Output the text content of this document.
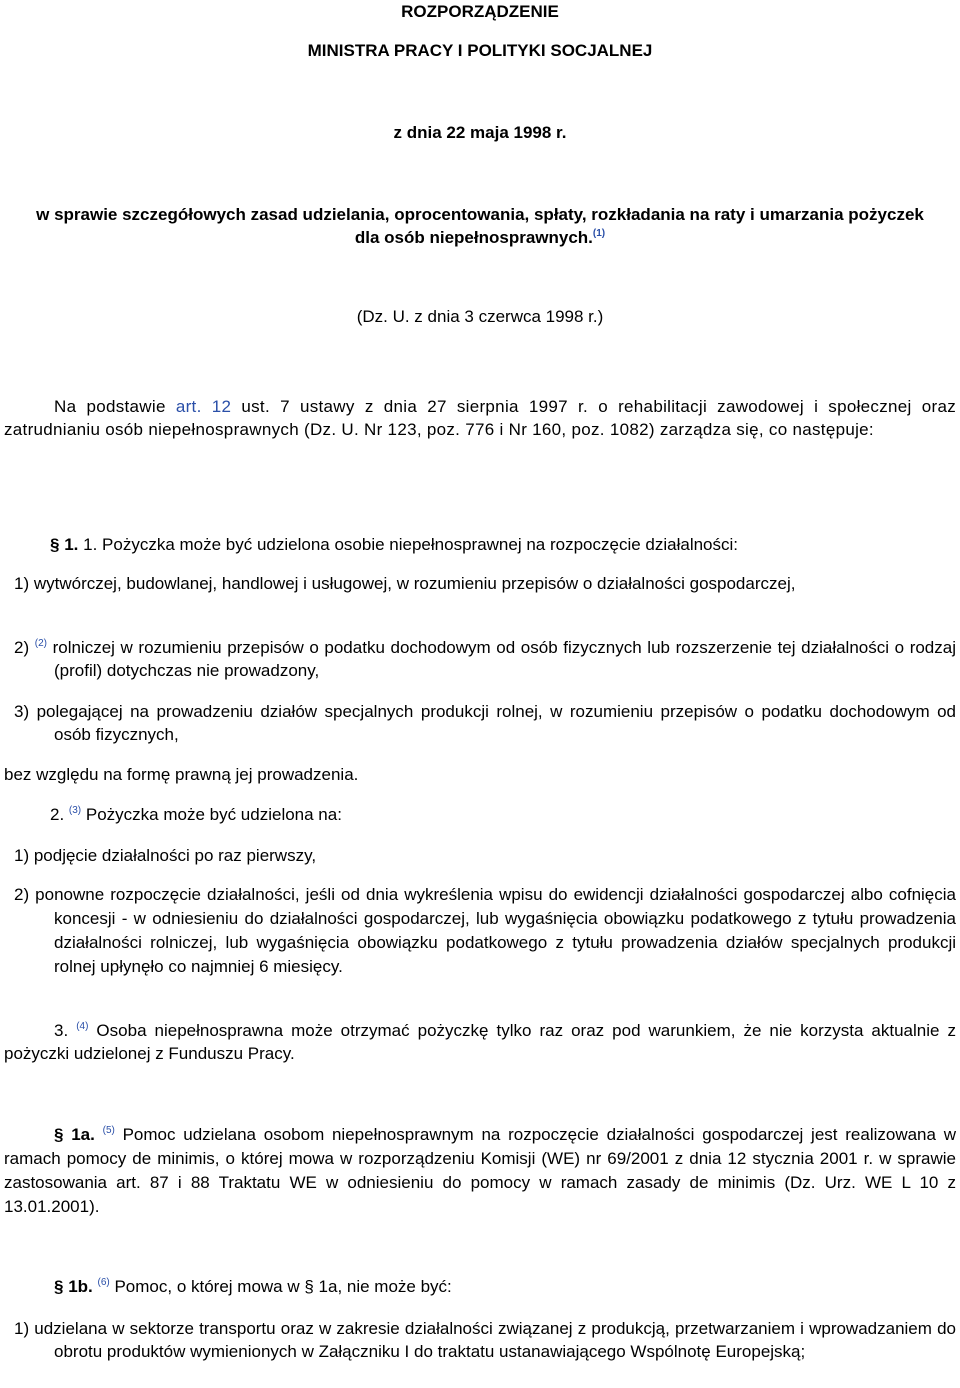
ROZPORZĄDZENIE
MINISTRA PRACY I POLITYKI SOCJALNEJ
z dnia 22 maja 1998 r.
w sprawie szczegółowych zasad udzielania, oprocentowania, spłaty, rozkładania na raty i umarzania pożyczek dla osób niepełnosprawnych.$^{(1)}$
(Dz. U. z dnia 3 czerwca 1998 r.)
Na podstawie art. 12 ust. 7 ustawy z dnia 27 sierpnia 1997 r. o rehabilitacji zawodowej i społecznej oraz zatrudnianiu osób niepełnosprawnych (Dz. U. Nr 123, poz. 776 i Nr 160, poz. 1082) zarządza się, co następuje:
§ 1. 1. Pożyczka może być udzielona osobie niepełnosprawnej na rozpoczęcie działalności:
1) wytwórczej, budowlanej, handlowej i usługowej, w rozumieniu przepisów o działalności gospodarczej,
2) $^{(2)}$ rolniczej w rozumieniu przepisów o podatku dochodowym od osób fizycznych lub rozszerzenie tej działalności o rodzaj (profil) dotychczas nie prowadzony,
3) polegającej na prowadzeniu działów specjalnych produkcji rolnej, w rozumieniu przepisów o podatku dochodowym od osób fizycznych,
bez względu na formę prawną jej prowadzenia.
2. $^{(3)}$ Pożyczka może być udzielona na:
1) podjęcie działalności po raz pierwszy,
2) ponowne rozpoczęcie działalności, jeśli od dnia wykreślenia wpisu do ewidencji działalności gospodarczej albo cofnięcia koncesji - w odniesieniu do działalności gospodarczej, lub wygaśnięcia obowiązku podatkowego z tytułu prowadzenia działalności rolniczej, lub wygaśnięcia obowiązku podatkowego z tytułu prowadzenia działów specjalnych produkcji rolnej upłynęło co najmniej 6 miesięcy.
3. $^{(4)}$ Osoba niepełnosprawna może otrzymać pożyczkę tylko raz oraz pod warunkiem, że nie korzysta aktualnie z pożyczki udzielonej z Funduszu Pracy.
§ 1a. $^{(5)}$ Pomoc udzielana osobom niepełnosprawnym na rozpoczęcie działalności gospodarczej jest realizowana w ramach pomocy de minimis, o której mowa w rozporządzeniu Komisji (WE) nr 69/2001 z dnia 12 stycznia 2001 r. w sprawie zastosowania art. 87 i 88 Traktatu WE w odniesieniu do pomocy w ramach zasady de minimis (Dz. Urz. WE L 10 z 13.01.2001).
§ 1b. $^{(6)}$ Pomoc, o której mowa w § 1a, nie może być:
1) udzielana w sektorze transportu oraz w zakresie działalności związanej z produkcją, przetwarzaniem i wprowadzaniem do obrotu produktów wymienionych w Załączniku I do traktatu ustanawiającego Wspólnotę Europejską;
